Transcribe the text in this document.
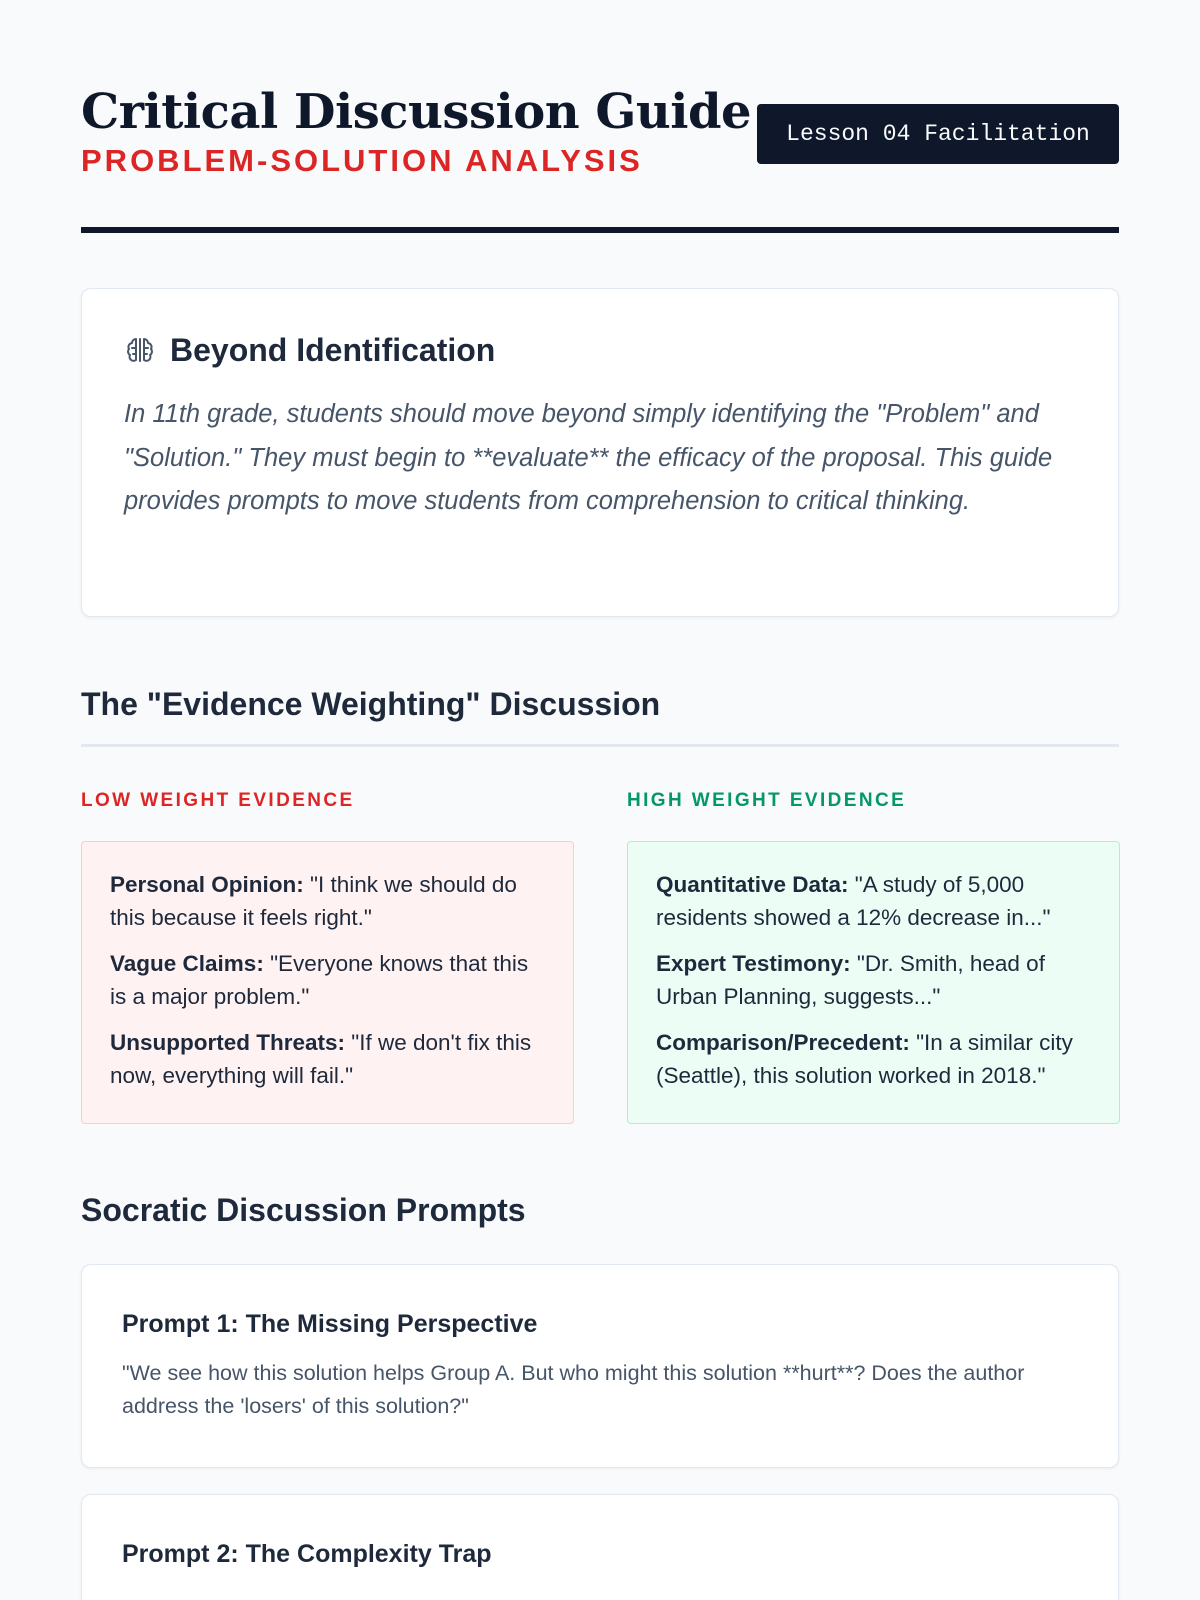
Critical Discussion Guide
PROBLEM-SOLUTION ANALYSIS
Lesson 04 Facilitation
Beyond Identification

In 11th grade, students should move beyond simply identifying the "Problem" and "Solution." They must begin to **evaluate** the efficacy of the proposal. This guide provides prompts to move students from comprehension to critical thinking.

The "Evidence Weighting" Discussion
LOW WEIGHT EVIDENCE	HIGH WEIGHT EVIDENCE

Personal Opinion: "I think we should do this because it feels right."

Vague Claims: "Everyone knows that this is a major problem."

Unsupported Threats: "If we don't fix this now, everything will fail."

Quantitative Data: "A study of 5,000 residents showed a 12% decrease in..."

Expert Testimony: "Dr. Smith, head of Urban Planning, suggests..."

Comparison/Precedent: "In a similar city (Seattle), this solution worked in 2018."

Socratic Discussion Prompts
Prompt 1: The Missing Perspective

"We see how this solution helps Group A. But who might this solution **hurt**? Does the author address the 'losers' of this solution?"

Prompt 2: The Complexity Trap
